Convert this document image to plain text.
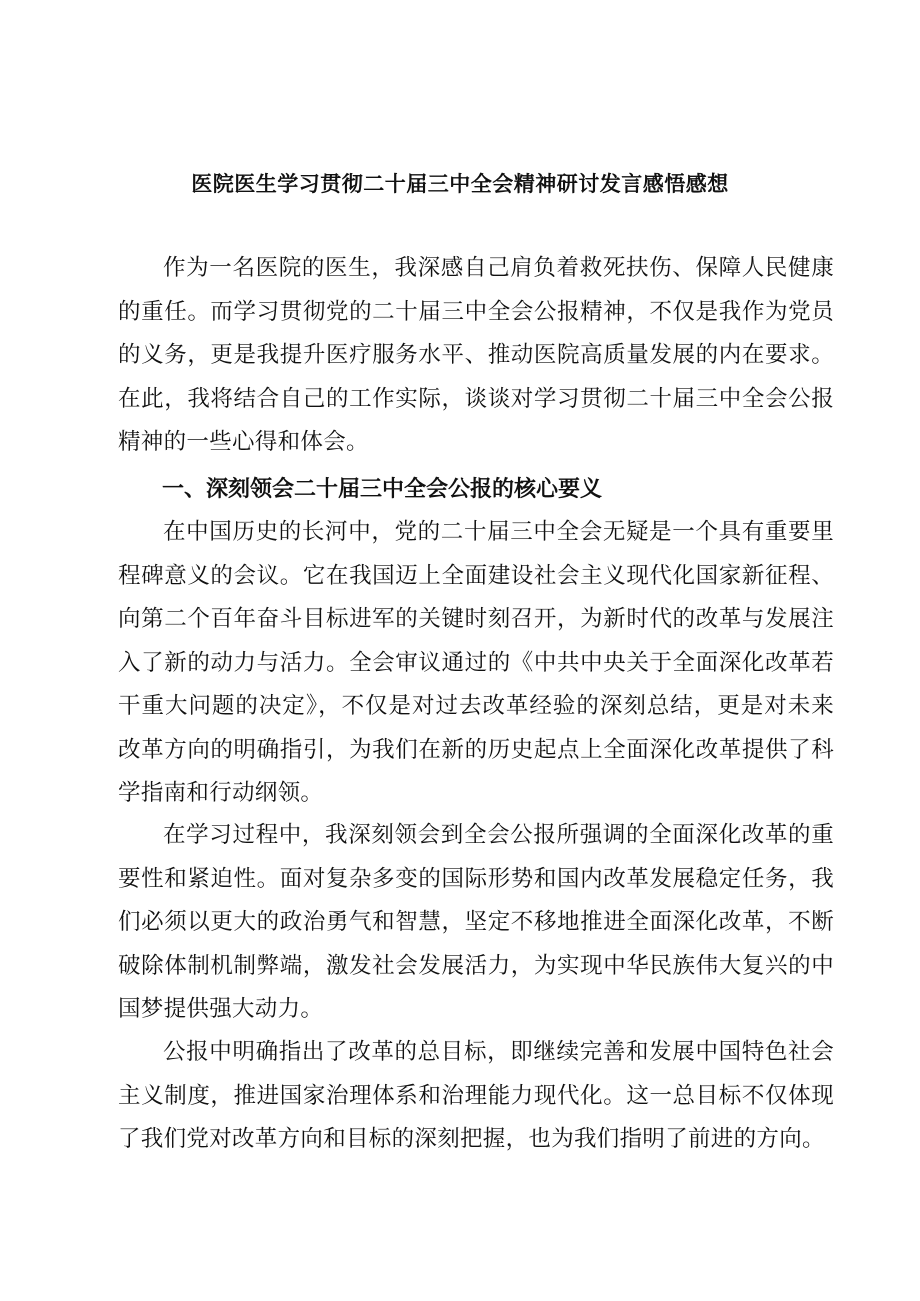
医院医生学习贯彻二十届三中全会精神研讨发言感悟感想

作为一名医院的医生，我深感自己肩负着救死扶伤、保障人民健康的重任。而学习贯彻党的二十届三中全会公报精神，不仅是我作为党员的义务，更是我提升医疗服务水平、推动医院高质量发展的内在要求。在此，我将结合自己的工作实际，谈谈对学习贯彻二十届三中全会公报精神的一些心得和体会。

一、深刻领会二十届三中全会公报的核心要义

在中国历史的长河中，党的二十届三中全会无疑是一个具有重要里程碑意义的会议。它在我国迈上全面建设社会主义现代化国家新征程、向第二个百年奋斗目标进军的关键时刻召开，为新时代的改革与发展注入了新的动力与活力。全会审议通过的《中共中央关于全面深化改革若干重大问题的决定》，不仅是对过去改革经验的深刻总结，更是对未来改革方向的明确指引，为我们在新的历史起点上全面深化改革提供了科学指南和行动纲领。

在学习过程中，我深刻领会到全会公报所强调的全面深化改革的重要性和紧迫性。面对复杂多变的国际形势和国内改革发展稳定任务，我们必须以更大的政治勇气和智慧，坚定不移地推进全面深化改革，不断破除体制机制弊端，激发社会发展活力，为实现中华民族伟大复兴的中国梦提供强大动力。

公报中明确指出了改革的总目标，即继续完善和发展中国特色社会主义制度，推进国家治理体系和治理能力现代化。这一总目标不仅体现了我们党对改革方向和目标的深刻把握，也为我们指明了前进的方向。
